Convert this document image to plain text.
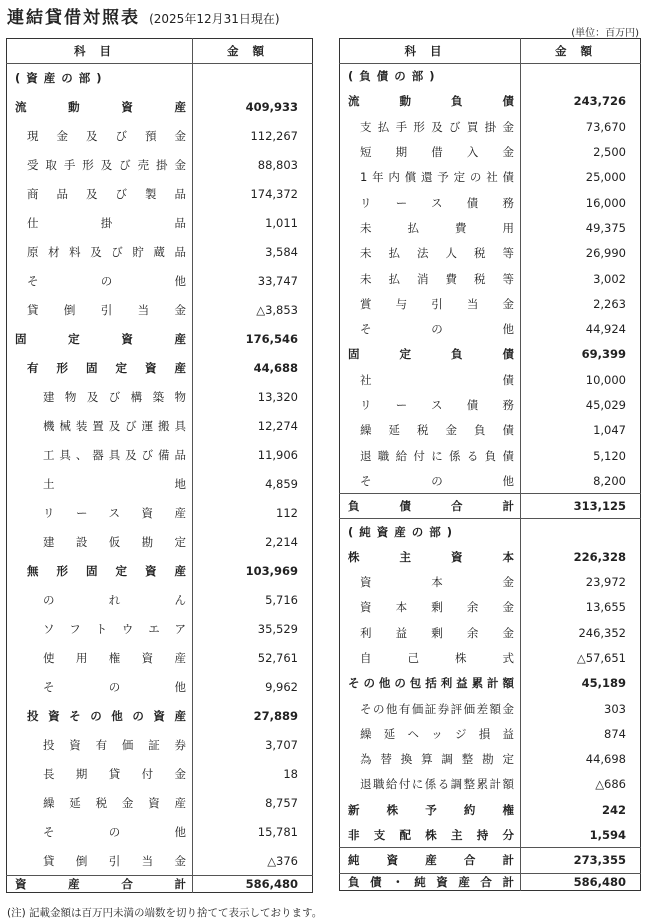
連結貸借対照表 (2025年12月31日現在)
(単位：百万円)
科目	金額

(資産の部)	

流動資産	409,933

現金及び預金	112,267

受取手形及び売掛金	88,803

商品及び製品	174,372

仕掛品	1,011

原材料及び貯蔵品	3,584

その他	33,747

貸倒引当金	△3,853

固定資産	176,546

有形固定資産	44,688

建物及び構築物	13,320

機械装置及び運搬具	12,274

工具、器具及び備品	11,906

土地	4,859

リース資産	112

建設仮勘定	2,214

無形固定資産	103,969

のれん	5,716

ソフトウエア	35,529

使用権資産	52,761

その他	9,962

投資その他の資産	27,889

投資有価証券	3,707

長期貸付金	18

繰延税金資産	8,757

その他	15,781

貸倒引当金	△376

資産合計	586,480
科目	金額

(負債の部)	

流動負債	243,726

支払手形及び買掛金	73,670

短期借入金	2,500

1年内償還予定の社債	25,000

リース債務	16,000

未払費用	49,375

未払法人税等	26,990

未払消費税等	3,002

賞与引当金	2,263

その他	44,924

固定負債	69,399

社債	10,000

リース債務	45,029

繰延税金負債	1,047

退職給付に係る負債	5,120

その他	8,200

負債合計	313,125

(純資産の部)	

株主資本	226,328

資本金	23,972

資本剰余金	13,655

利益剰余金	246,352

自己株式	△57,651

その他の包括利益累計額	45,189

その他有価証券評価差額金	303

繰延ヘッジ損益	874

為替換算調整勘定	44,698

退職給付に係る調整累計額	△686

新株予約権	242

非支配株主持分	1,594

純資産合計	273,355

負債・純資産合計	586,480
(注) 記載金額は百万円未満の端数を切り捨てて表示しております。
